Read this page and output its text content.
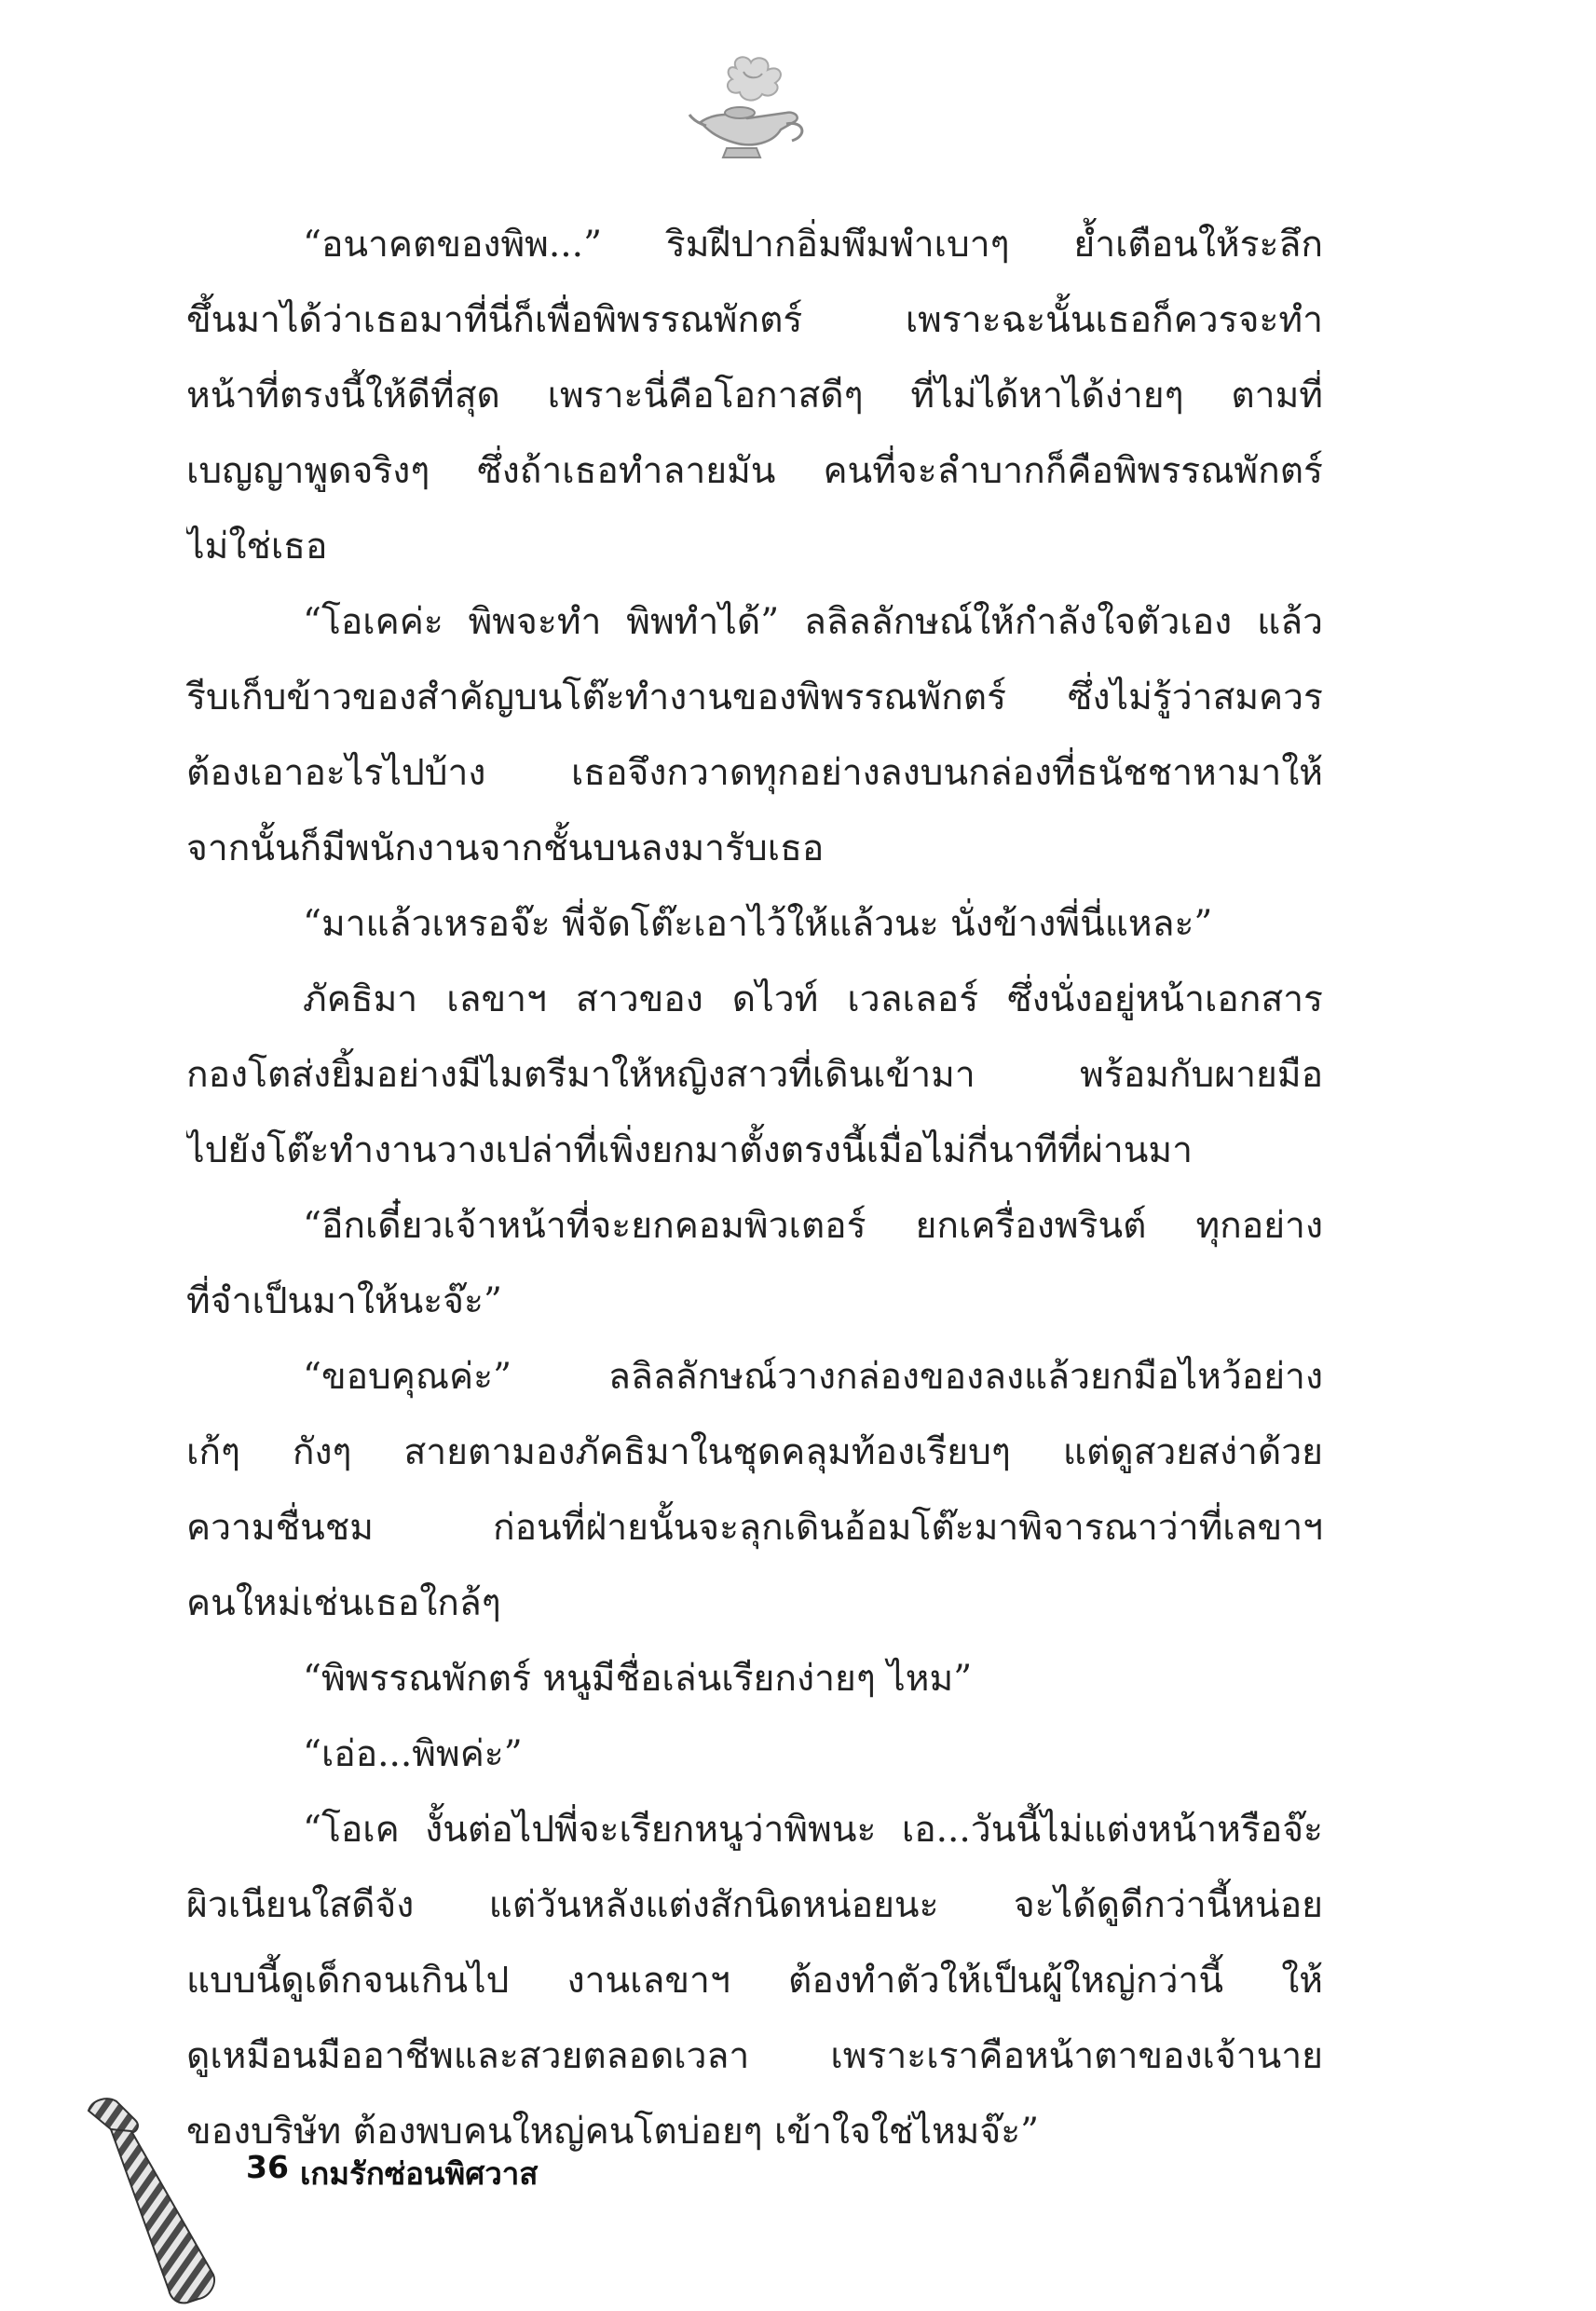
“อนาคตของพิพ...” ริมฝีปากอิ่มพึมพำเบาๆ ย้ำเตือนให้ระลึก
ขึ้นมาได้ว่าเธอมาที่นี่ก็เพื่อพิพรรณพักตร์ เพราะฉะนั้นเธอก็ควรจะทำ
หน้าที่ตรงนี้ให้ดีที่สุด เพราะนี่คือโอกาสดีๆ ที่ไม่ได้หาได้ง่ายๆ ตามที่
เบญญาพูดจริงๆ ซึ่งถ้าเธอทำลายมัน คนที่จะลำบากก็คือพิพรรณพักตร์
ไม่ใช่เธอ
“โอเคค่ะ พิพจะทำ พิพทำได้” ลลิลลักษณ์ให้กำลังใจตัวเอง แล้ว
รีบเก็บข้าวของสำคัญบนโต๊ะทำงานของพิพรรณพักตร์ ซึ่งไม่รู้ว่าสมควร
ต้องเอาอะไรไปบ้าง เธอจึงกวาดทุกอย่างลงบนกล่องที่ธนัชชาหามาให้
จากนั้นก็มีพนักงานจากชั้นบนลงมารับเธอ
“มาแล้วเหรอจ๊ะ พี่จัดโต๊ะเอาไว้ให้แล้วนะ นั่งข้างพี่นี่แหละ”
ภัคธิมา เลขาฯ สาวของ ดไวท์ เวลเลอร์ ซึ่งนั่งอยู่หน้าเอกสาร
กองโตส่งยิ้มอย่างมีไมตรีมาให้หญิงสาวที่เดินเข้ามา พร้อมกับผายมือ
ไปยังโต๊ะทำงานวางเปล่าที่เพิ่งยกมาตั้งตรงนี้เมื่อไม่กี่นาทีที่ผ่านมา
“อีกเดี๋ยวเจ้าหน้าที่จะยกคอมพิวเตอร์ ยกเครื่องพรินต์ ทุกอย่าง
ที่จำเป็นมาให้นะจ๊ะ”
“ขอบคุณค่ะ” ลลิลลักษณ์วางกล่องของลงแล้วยกมือไหว้อย่าง
เก้ๆ กังๆ สายตามองภัคธิมาในชุดคลุมท้องเรียบๆ แต่ดูสวยสง่าด้วย
ความชื่นชม ก่อนที่ฝ่ายนั้นจะลุกเดินอ้อมโต๊ะมาพิจารณาว่าที่เลขาฯ
คนใหม่เช่นเธอใกล้ๆ
“พิพรรณพักตร์ หนูมีชื่อเล่นเรียกง่ายๆ ไหม”
“เอ่อ...พิพค่ะ”
“โอเค งั้นต่อไปพี่จะเรียกหนูว่าพิพนะ เอ...วันนี้ไม่แต่งหน้าหรือจ๊ะ
ผิวเนียนใสดีจัง แต่วันหลังแต่งสักนิดหน่อยนะ จะได้ดูดีกว่านี้หน่อย
แบบนี้ดูเด็กจนเกินไป งานเลขาฯ ต้องทำตัวให้เป็นผู้ใหญ่กว่านี้ ให้
ดูเหมือนมืออาชีพและสวยตลอดเวลา เพราะเราคือหน้าตาของเจ้านาย
ของบริษัท ต้องพบคนใหญ่คนโตบ่อยๆ เข้าใจใช่ไหมจ๊ะ”
36 เกมรักซ่อนพิศวาส
